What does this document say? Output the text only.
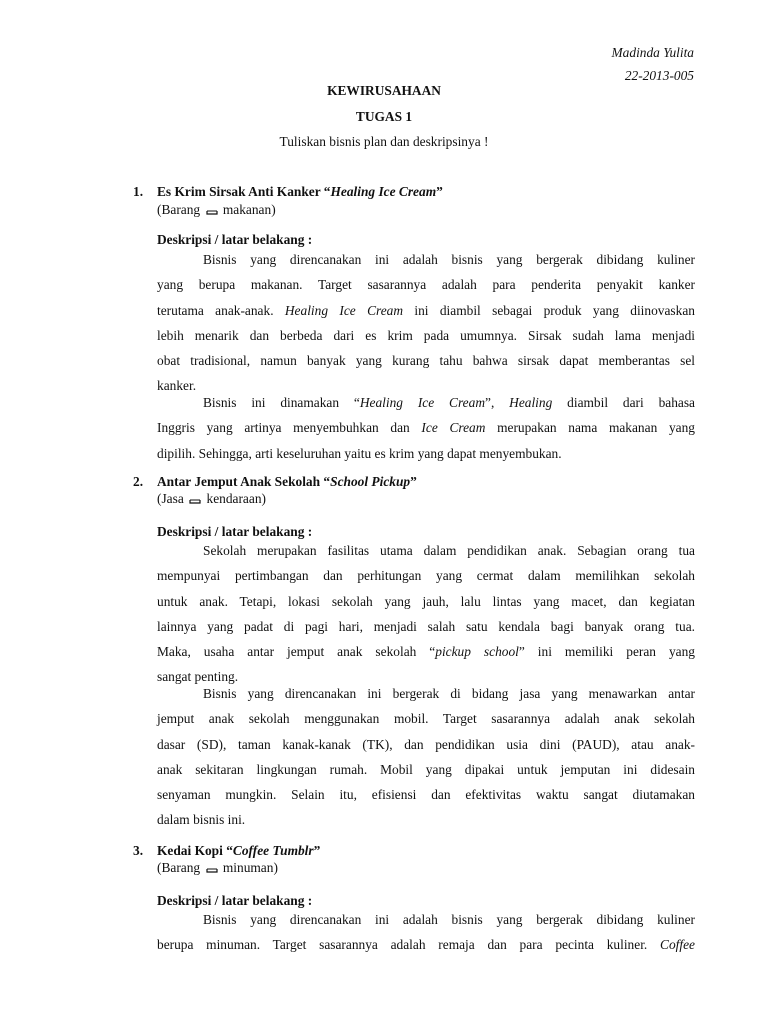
Madinda Yulita
22-2013-005
KEWIRUSAHAAN
TUGAS 1
Tuliskan bisnis plan dan deskripsinya !
1. Es Krim Sirsak Anti Kanker “Healing Ice Cream”
(Barang makanan)
Deskripsi / latar belakang :
Bisnis yang direncanakan ini adalah bisnis yang bergerak dibidang kuliner
yang berupa makanan. Target sasarannya adalah para penderita penyakit kanker
terutama anak-anak. Healing Ice Cream ini diambil sebagai produk yang diinovaskan
lebih menarik dan berbeda dari es krim pada umumnya. Sirsak sudah lama menjadi
obat tradisional, namun banyak yang kurang tahu bahwa sirsak dapat memberantas sel
kanker.
Bisnis ini dinamakan “Healing Ice Cream”, Healing diambil dari bahasa
Inggris yang artinya menyembuhkan dan Ice Cream merupakan nama makanan yang
dipilih. Sehingga, arti keseluruhan yaitu es krim yang dapat menyembukan.
2. Antar Jemput Anak Sekolah “School Pickup”
(Jasa kendaraan)
Deskripsi / latar belakang :
Sekolah merupakan fasilitas utama dalam pendidikan anak. Sebagian orang tua
mempunyai pertimbangan dan perhitungan yang cermat dalam memilihkan sekolah
untuk anak. Tetapi, lokasi sekolah yang jauh, lalu lintas yang macet, dan kegiatan
lainnya yang padat di pagi hari, menjadi salah satu kendala bagi banyak orang tua.
Maka, usaha antar jemput anak sekolah “pickup school” ini memiliki peran yang
sangat penting.
Bisnis yang direncanakan ini bergerak di bidang jasa yang menawarkan antar
jemput anak sekolah menggunakan mobil. Target sasarannya adalah anak sekolah
dasar (SD), taman kanak-kanak (TK), dan pendidikan usia dini (PAUD), atau anak-
anak sekitaran lingkungan rumah. Mobil yang dipakai untuk jemputan ini didesain
senyaman mungkin. Selain itu, efisiensi dan efektivitas waktu sangat diutamakan
dalam bisnis ini.
3. Kedai Kopi “Coffee Tumblr”
(Barang minuman)
Deskripsi / latar belakang :
Bisnis yang direncanakan ini adalah bisnis yang bergerak dibidang kuliner
berupa minuman. Target sasarannya adalah remaja dan para pecinta kuliner. Coffee
